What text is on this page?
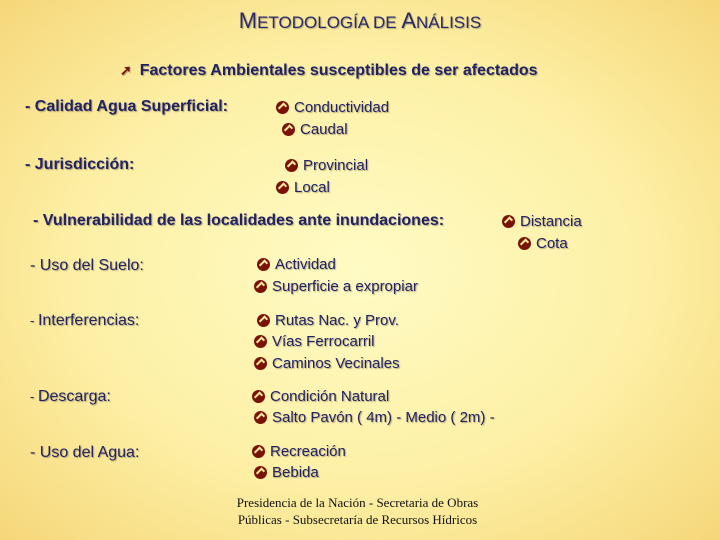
METODOLOGÍA DE ANÁLISIS
➚ Factores Ambientales susceptibles de ser afectados
- Calidad Agua Superficial:	Conductividad
Caudal
- Jurisdicción:	Provincial
Local
- Vulnerabilidad de las localidades ante inundaciones:	Distancia
Cota
- Uso del Suelo:	Actividad
Superficie a expropiar
- Interferencias:	Rutas Nac. y Prov.
Vías Ferrocarril
Caminos Vecinales
- Descarga:	Condición Natural
Salto Pavón ( 4m) - Medio ( 2m) -
- Uso del Agua:	Recreación
Bebida
Presidencia de la Nación - Secretaria de Obras Públicas - Subsecretaría de Recursos Hídricos
